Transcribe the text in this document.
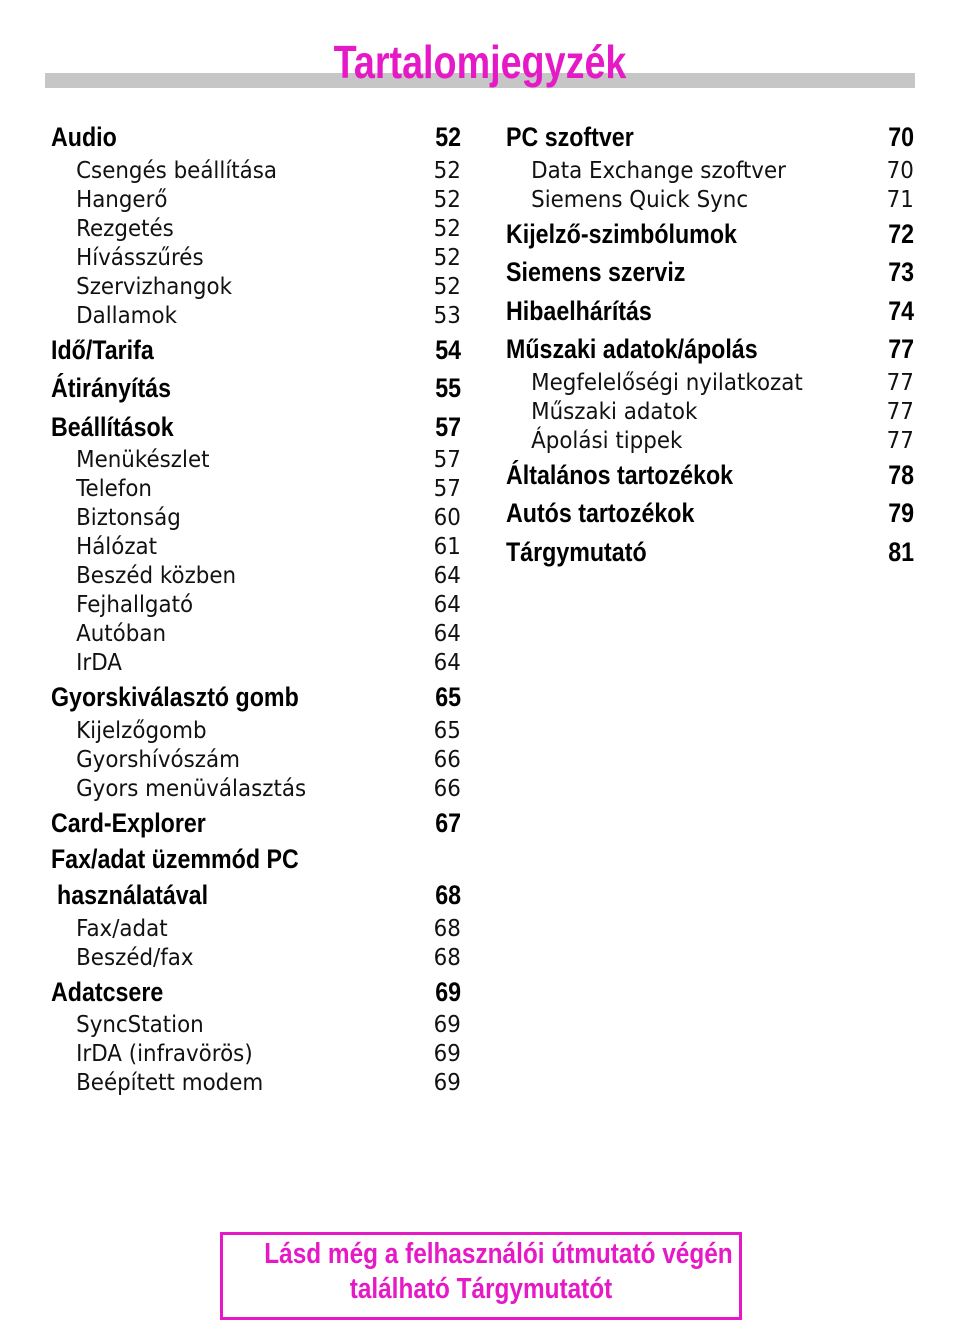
Tartalomjegyzék
Audio	52
Csengés beállítása	52
Hangerő	52
Rezgetés	52
Hívásszűrés	52
Szervizhangok	52
Dallamok	53
Idő/Tarifa	54
Átirányítás	55
Beállítások	57
Menükészlet	57
Telefon	57
Biztonság	60
Hálózat	61
Beszéd közben	64
Fejhallgató	64
Autóban	64
IrDA	64
Gyorskiválasztó gomb	65
Kijelzőgomb	65
Gyorshívószám	66
Gyors menüválasztás	66
Card-Explorer	67
Fax/adat üzemmód PC
használatával	68
Fax/adat	68
Beszéd/fax	68
Adatcsere	69
SyncStation	69
IrDA (infravörös)	69
Beépített modem	69
PC szoftver	70
Data Exchange szoftver	70
Siemens Quick Sync	71
Kijelző-szimbólumok	72
Siemens szerviz	73
Hibaelhárítás	74
Műszaki adatok/ápolás	77
Megfelelőségi nyilatkozat	77
Műszaki adatok	77
Ápolási tippek	77
Általános tartozékok	78
Autós tartozékok	79
Tárgymutató	81
Lásd még a felhasználói útmutató végén
található Tárgymutatót
